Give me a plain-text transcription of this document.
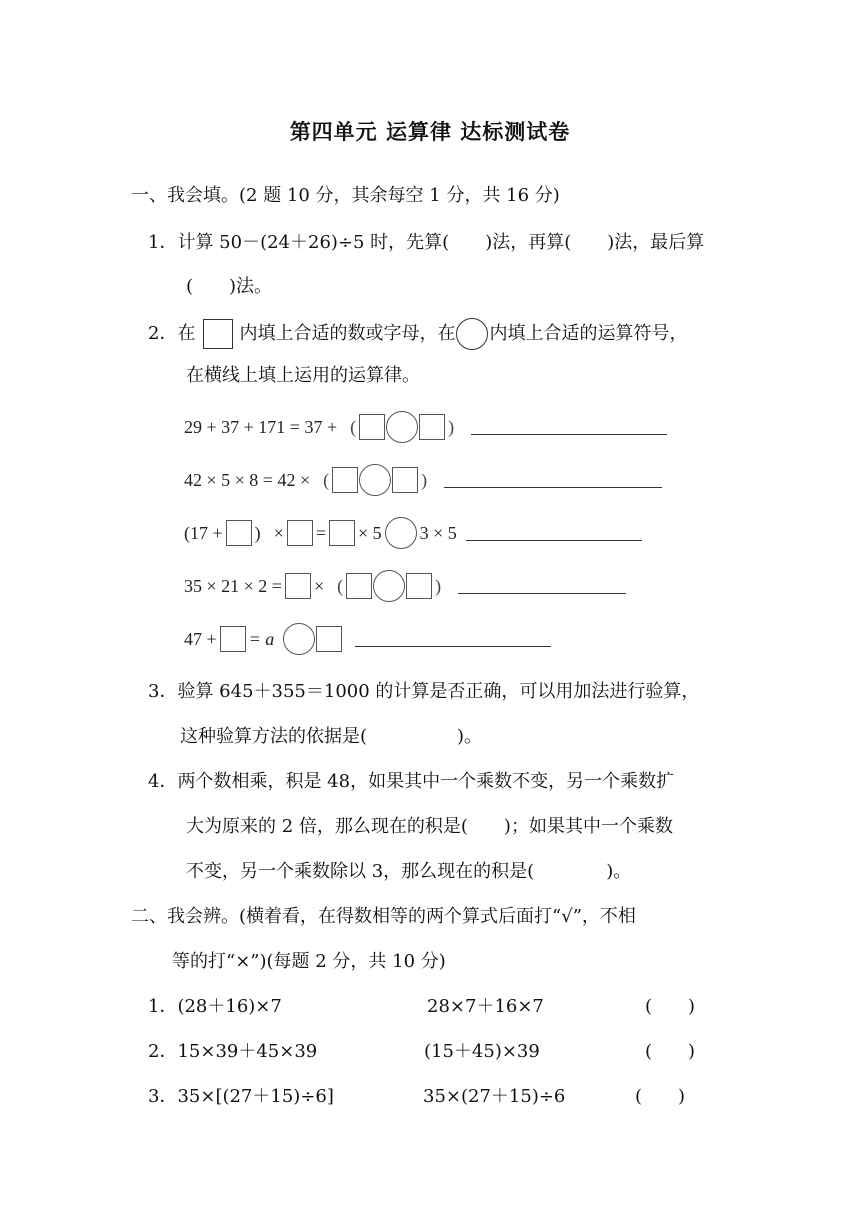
第四单元 运算律 达标测试卷
一、我会填。(2 题 10 分，其余每空 1 分，共 16 分)
1．计算 50－(24＋26)÷5 时，先算(　　)法，再算(　　)法，最后算
(　　)法。
2．在 内填上合适的数或字母，在 内填上合适的运算符号，
在横线上填上运用的运算律。
29 + 37 + 171 = 37 + (	)
42 × 5 × 8 = 42 × (	)
(17 + ) × = × 5 3 × 5
35 × 21 × 2 = × (	)
47 + = a
3．验算 645＋355＝1000 的计算是否正确，可以用加法进行验算，
这种验算方法的依据是(　　　　　)。
4．两个数相乘，积是 48，如果其中一个乘数不变，另一个乘数扩
大为原来的 2 倍，那么现在的积是(　　)；如果其中一个乘数
不变，另一个乘数除以 3，那么现在的积是(　　　　)。
二、我会辨。(横着看，在得数相等的两个算式后面打“√”，不相
等的打“×”)(每题 2 分，共 10 分)
1．(28＋16)×7	28×7＋16×7	(　　)
2．15×39＋45×39	(15＋45)×39	(　　)
3．35×[(27＋15)÷6]	35×(27＋15)÷6	(　　)
